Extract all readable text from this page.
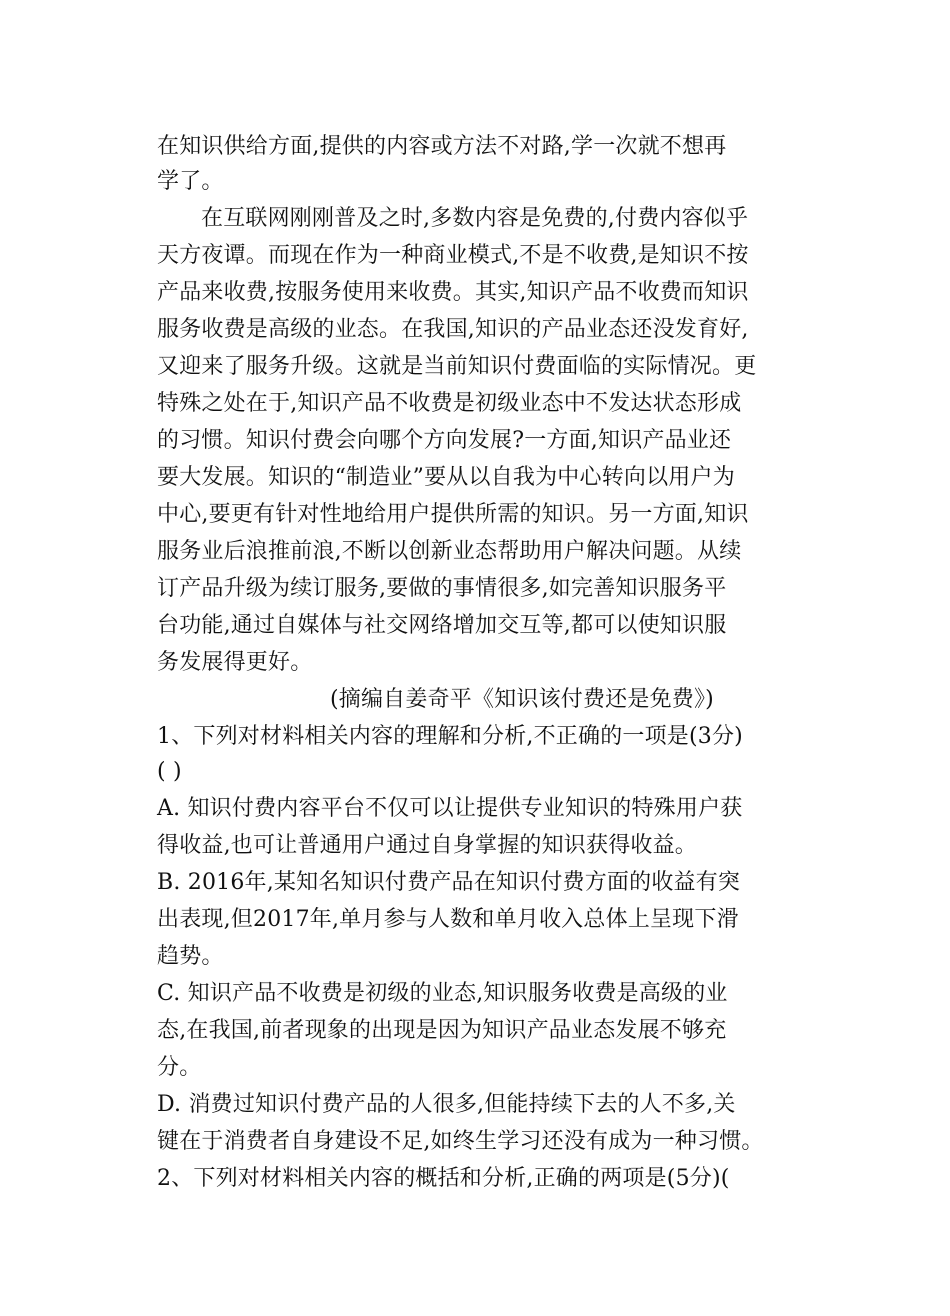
在知识供给方面,提供的内容或方法不对路,学一次就不想再
学了。
在互联网刚刚普及之时,多数内容是免费的,付费内容似乎
天方夜谭。而现在作为一种商业模式,不是不收费,是知识不按
产品来收费,按服务使用来收费。其实,知识产品不收费而知识
服务收费是高级的业态。在我国,知识的产品业态还没发育好,
又迎来了服务升级。这就是当前知识付费面临的实际情况。更
特殊之处在于,知识产品不收费是初级业态中不发达状态形成
的习惯。知识付费会向哪个方向发展?一方面,知识产品业还
要大发展。知识的“制造业”要从以自我为中心转向以用户为
中心,要更有针对性地给用户提供所需的知识。另一方面,知识
服务业后浪推前浪,不断以创新业态帮助用户解决问题。从续
订产品升级为续订服务,要做的事情很多,如完善知识服务平
台功能,通过自媒体与社交网络增加交互等,都可以使知识服
务发展得更好。
(摘编自姜奇平《知识该付费还是免费》)
1、下列对材料相关内容的理解和分析,不正确的一项是(3分)
( )
A. 知识付费内容平台不仅可以让提供专业知识的特殊用户获
得收益,也可让普通用户通过自身掌握的知识获得收益。
B. 2016年,某知名知识付费产品在知识付费方面的收益有突
出表现,但2017年,单月参与人数和单月收入总体上呈现下滑
趋势。
C. 知识产品不收费是初级的业态,知识服务收费是高级的业
态,在我国,前者现象的出现是因为知识产品业态发展不够充
分。
D. 消费过知识付费产品的人很多,但能持续下去的人不多,关
键在于消费者自身建设不足,如终生学习还没有成为一种习惯。
2、下列对材料相关内容的概括和分析,正确的两项是(5分)(
